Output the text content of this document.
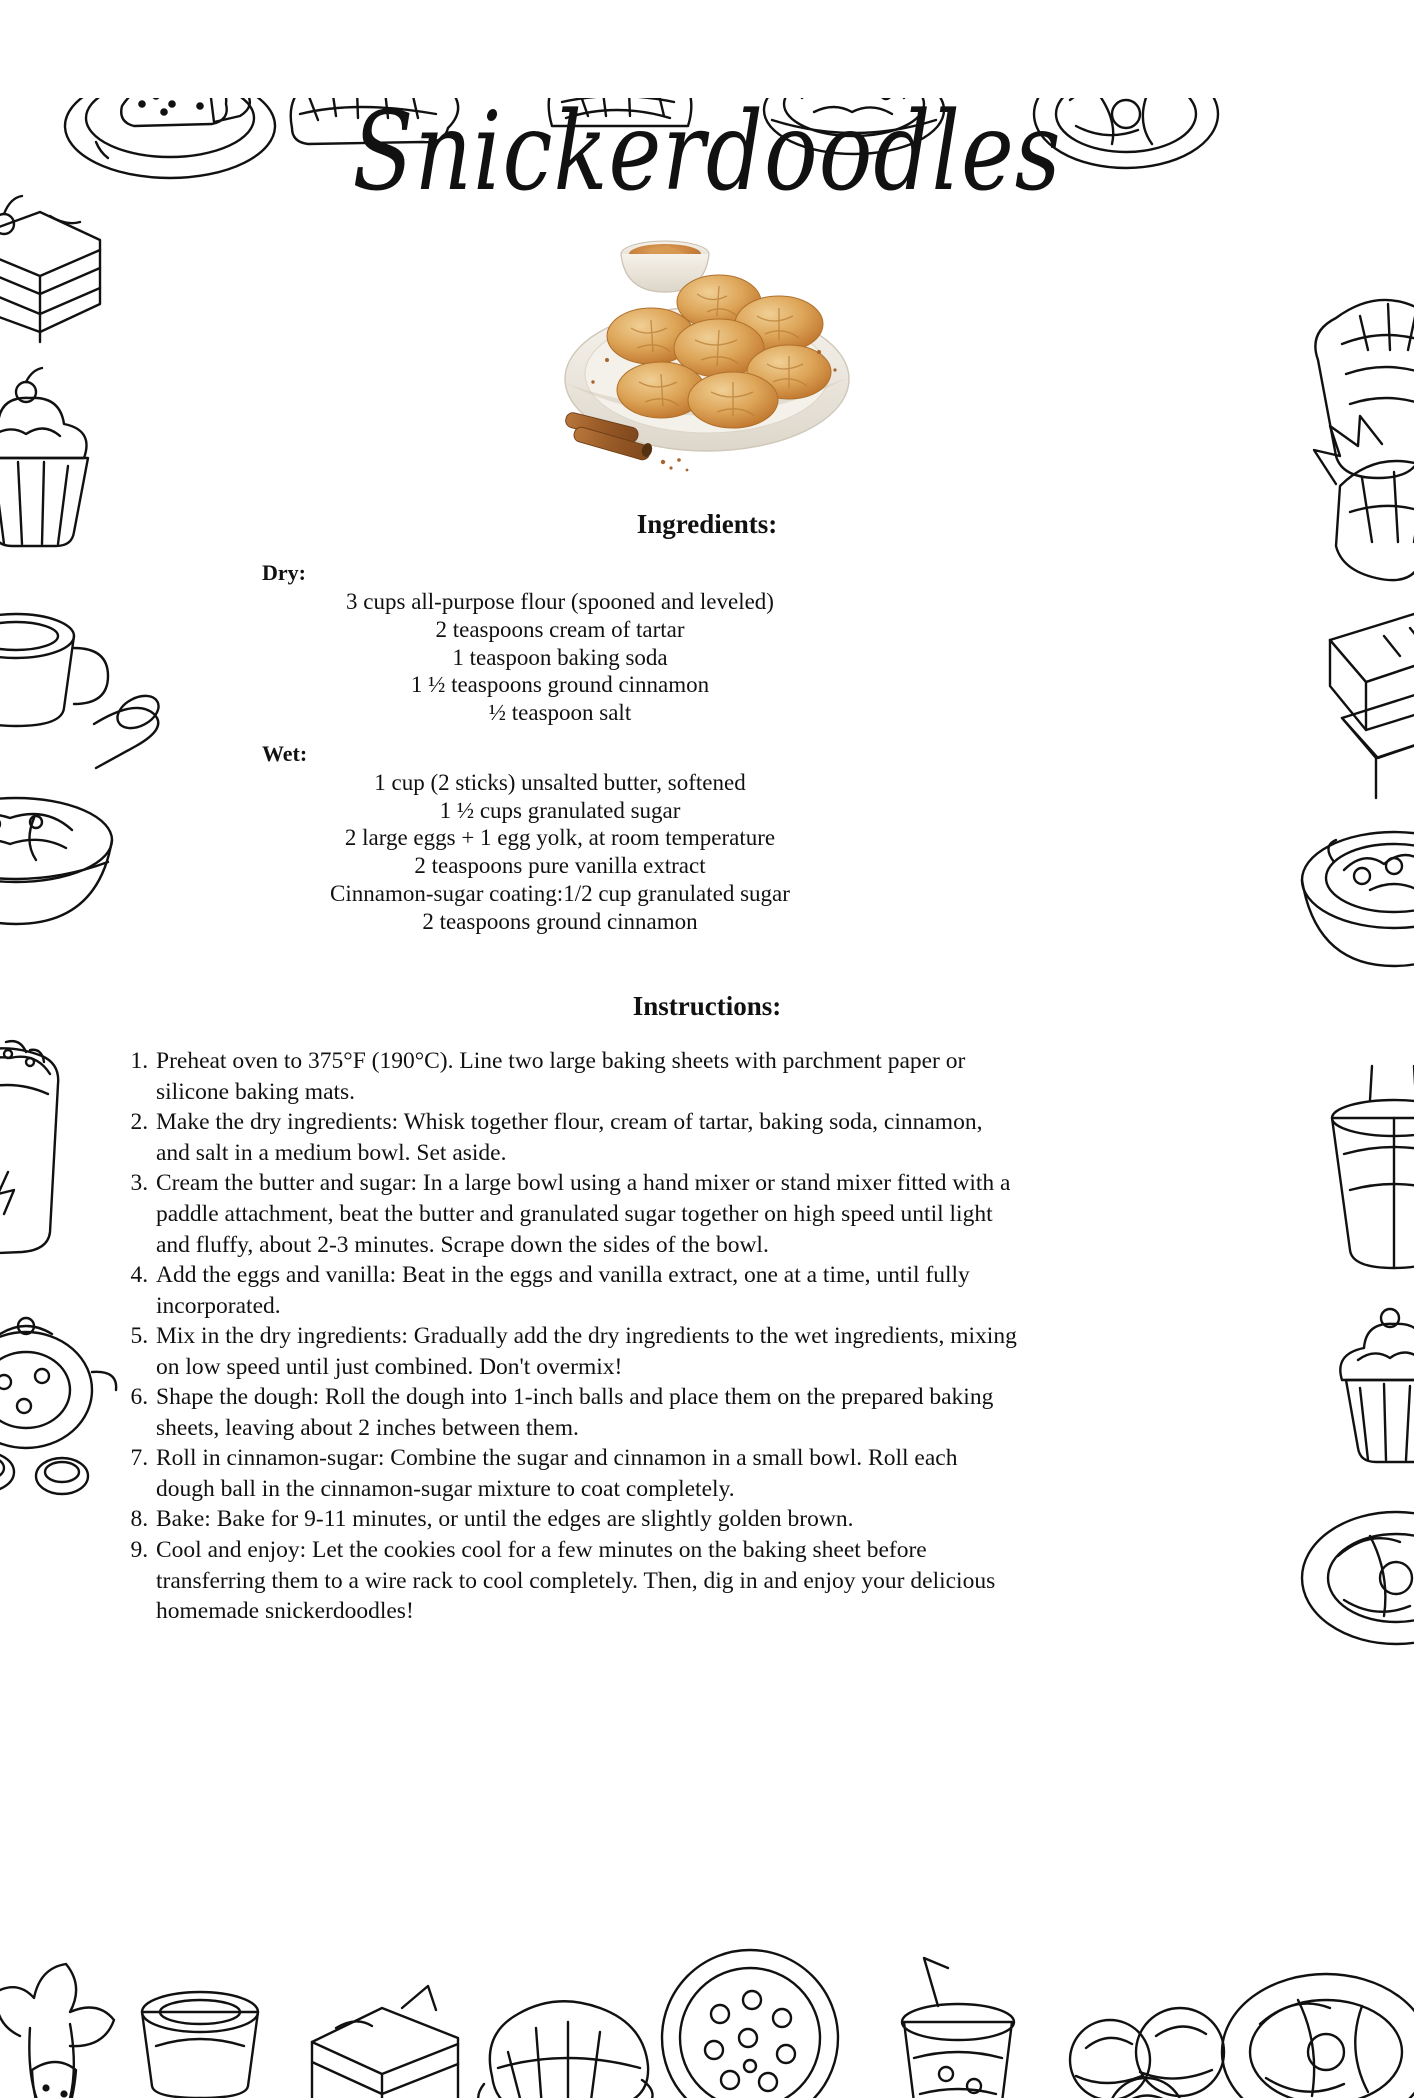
Snickerdoodles
Ingredients:
Dry:
3 cups all-purpose flour (spooned and leveled)
2 teaspoons cream of tartar
1 teaspoon baking soda
1 ½ teaspoons ground cinnamon
½ teaspoon salt
Wet:
1 cup (2 sticks) unsalted butter, softened
1 ½ cups granulated sugar
2 large eggs + 1 egg yolk, at room temperature
2 teaspoons pure vanilla extract
Cinnamon-sugar coating:1/2 cup granulated sugar
2 teaspoons ground cinnamon
Instructions:
1. Preheat oven to 375°F (190°C). Line two large baking sheets with parchment paper or silicone baking mats.
2. Make the dry ingredients: Whisk together flour, cream of tartar, baking soda, cinnamon, and salt in a medium bowl. Set aside.
3. Cream the butter and sugar: In a large bowl using a hand mixer or stand mixer fitted with a paddle attachment, beat the butter and granulated sugar together on high speed until light and fluffy, about 2-3 minutes. Scrape down the sides of the bowl.
4. Add the eggs and vanilla: Beat in the eggs and vanilla extract, one at a time, until fully incorporated.
5. Mix in the dry ingredients: Gradually add the dry ingredients to the wet ingredients, mixing on low speed until just combined. Don't overmix!
6. Shape the dough: Roll the dough into 1-inch balls and place them on the prepared baking sheets, leaving about 2 inches between them.
7. Roll in cinnamon-sugar: Combine the sugar and cinnamon in a small bowl. Roll each dough ball in the cinnamon-sugar mixture to coat completely.
8. Bake: Bake for 9-11 minutes, or until the edges are slightly golden brown.
9. Cool and enjoy: Let the cookies cool for a few minutes on the baking sheet before transferring them to a wire rack to cool completely. Then, dig in and enjoy your delicious homemade snickerdoodles!
